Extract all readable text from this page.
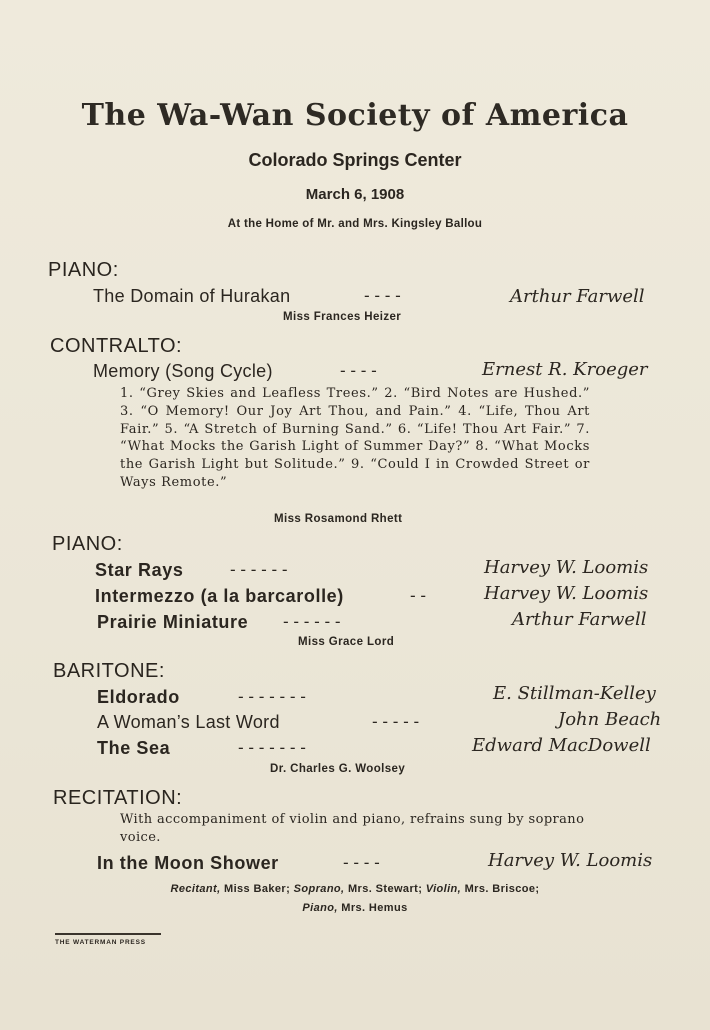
The Wa-Wan Society of America
Colorado Springs Center
March 6, 1908
At the Home of Mr. and Mrs. Kingsley Ballou
PIANO:
The Domain of Hurakan	- - - -	Arthur Farwell
Miss Frances Heizer
CONTRALTO:
Memory (Song Cycle)	- - - -	Ernest R. Kroeger
1. “Grey Skies and Leafless Trees.” 2. “Bird Notes are Hushed.” 3. “O Memory! Our Joy Art Thou, and Pain.” 4. “Life, Thou Art Fair.” 5. “A Stretch of Burning Sand.” 6. “Life! Thou Art Fair.” 7. “What Mocks the Garish Light of Summer Day?” 8. “What Mocks the Garish Light but Solitude.” 9. “Could I in Crowded Street or Ways Remote.”
Miss Rosamond Rhett
PIANO:
Star Rays	- - - - - -	Harvey W. Loomis
Intermezzo (a la barcarolle)	- -	Harvey W. Loomis
Prairie Miniature - - - - - -	Arthur Farwell
Miss Grace Lord
BARITONE:
Eldorado	- - - - - - -	E. Stillman-Kelley
A Woman’s Last Word	- - - - -	John Beach
The Sea	- - - - - - -	Edward MacDowell
Dr. Charles G. Woolsey
RECITATION:
With accompaniment of violin and piano, refrains sung by soprano voice.
In the Moon Shower	- - - -	Harvey W. Loomis
Recitant, Miss Baker; Soprano, Mrs. Stewart; Violin, Mrs. Briscoe;
Piano, Mrs. Hemus
THE WATERMAN PRESS
